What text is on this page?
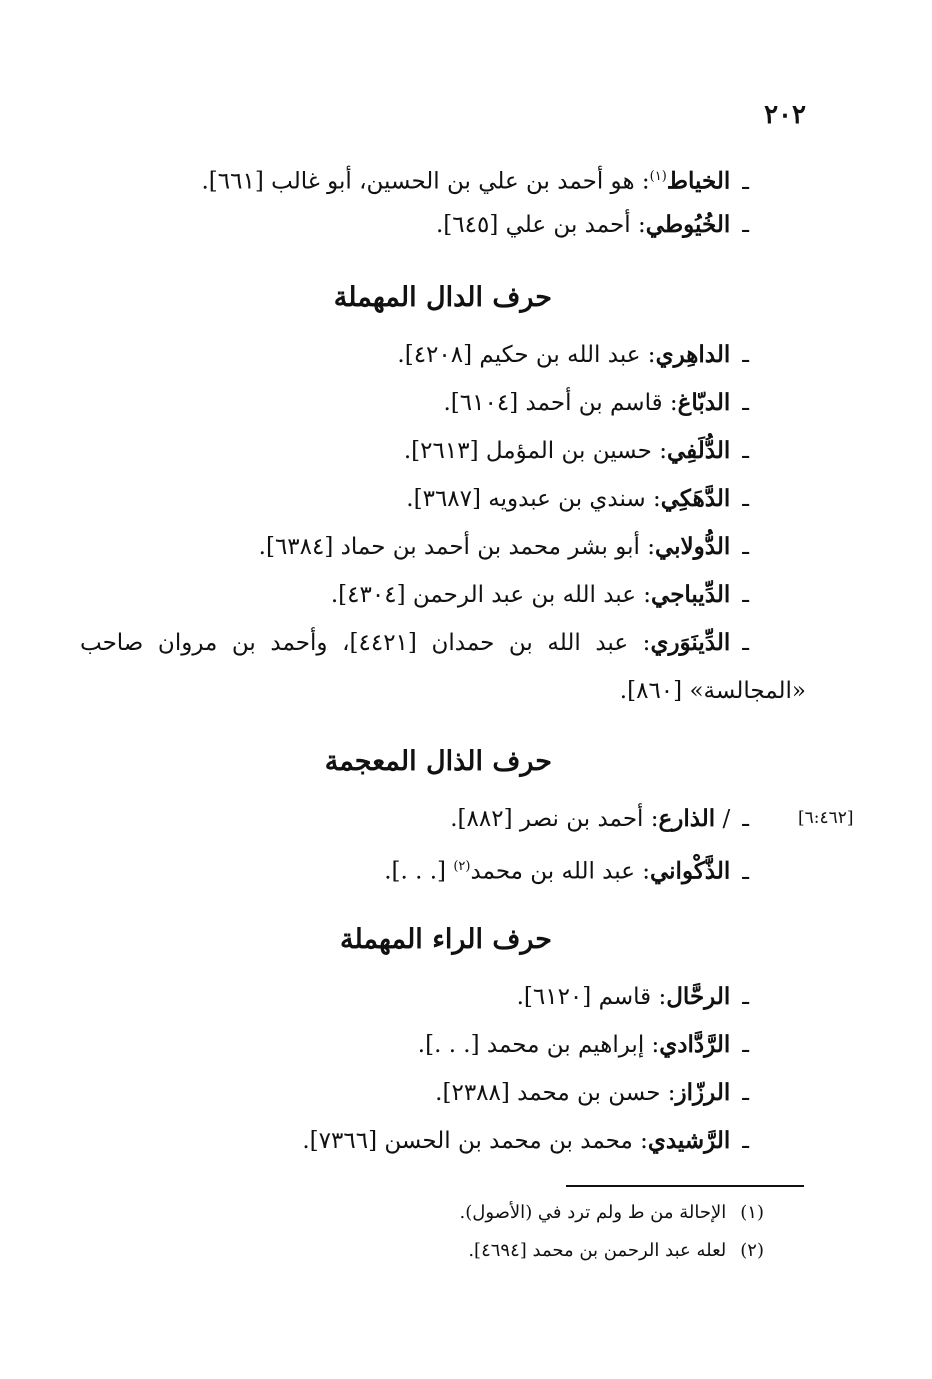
٢٠٢
ـالخياط$^{(١)}$: هو أحمد بن علي بن الحسين، أبو غالب [٦٦١].
ـالخُيُوطي: أحمد بن علي [٦٤٥].
حرف الدال المهملة
ـالداهِري: عبد الله بن حكيم [٤٢٠٨].
ـالدبّاغ: قاسم بن أحمد [٦١٠٤].
ـالدُّلَفِي: حسين بن المؤمل [٢٦١٣].
ـالدَّهَكِي: سندي بن عبدويه [٣٦٨٧].
ـالدُّولابي: أبو بشر محمد بن أحمد بن حماد [٦٣٨٤].
ـالدِّيباجي: عبد الله بن عبد الرحمن [٤٣٠٤].
ـالدِّينَوَري: عبد الله بن حمدان [٤٤٢١]، وأحمد بن مروان صاحب
«المجالسة» [٨٦٠].
حرف الذال المعجمة
[٦:٤٦٢]
ـ/ الذارع: أحمد بن نصر [٨٨٢].
ـالذَّكْواني: عبد الله بن محمد$^{(٢)}$ [. . .].
حرف الراء المهملة
ـالرحَّال: قاسم [٦١٢٠].
ـالرَّدَّادي: إبراهيم بن محمد [. . .].
ـالرزّاز: حسن بن محمد [٢٣٨٨].
ـالرَّشيدي: محمد بن محمد بن الحسن [٧٣٦٦].
(١)الإحالة من ط ولم ترد في (الأصول).
(٢)لعله عبد الرحمن بن محمد [٤٦٩٤].
